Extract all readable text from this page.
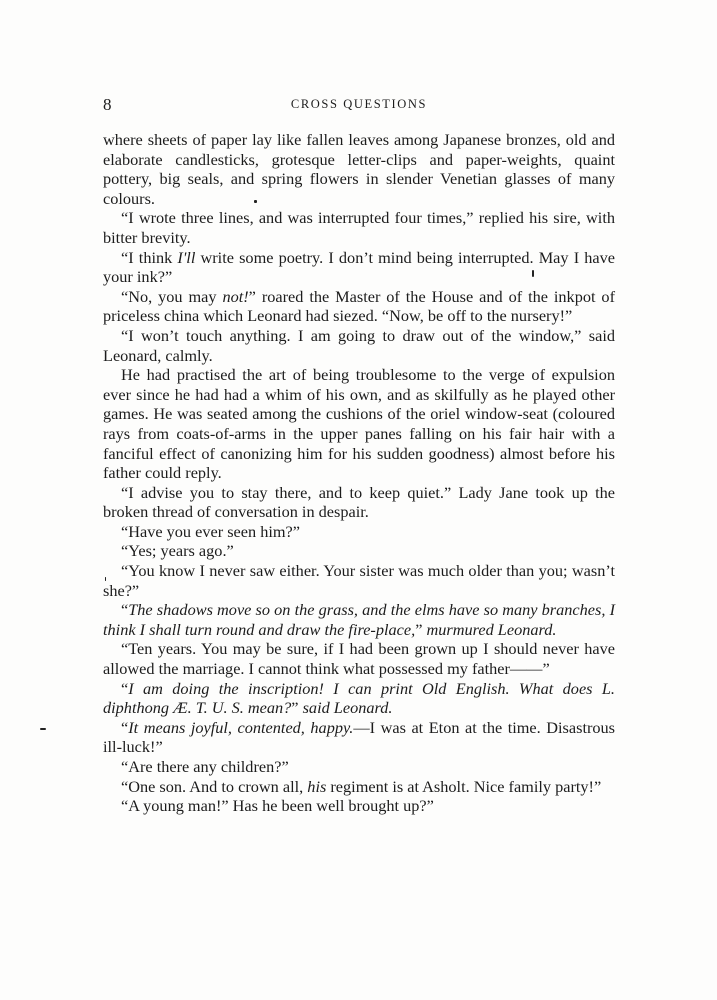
8	CROSS QUESTIONS

where sheets of paper lay like fallen leaves among Japanese bronzes, old and elaborate candlesticks, grotesque letter-clips and paper-weights, quaint pottery, big seals, and spring flowers in slender Venetian glasses of many colours.

“I wrote three lines, and was interrupted four times,” replied his sire, with bitter brevity.

“I think I'll write some poetry. I don’t mind being interrupted. May I have your ink?”

“No, you may not!” roared the Master of the House and of the inkpot of priceless china which Leonard had siezed. “Now, be off to the nursery!”

“I won’t touch anything. I am going to draw out of the window,” said Leonard, calmly.

He had practised the art of being troublesome to the verge of expulsion ever since he had had a whim of his own, and as skilfully as he played other games. He was seated among the cushions of the oriel window-seat (coloured rays from coats-of-arms in the upper panes falling on his fair hair with a fanciful effect of canonizing him for his sudden goodness) almost before his father could reply.

“I advise you to stay there, and to keep quiet.” Lady Jane took up the broken thread of conversation in despair.

“Have you ever seen him?”

“Yes; years ago.”

“You know I never saw either. Your sister was much older than you; wasn’t she?”

“The shadows move so on the grass, and the elms have so many branches, I think I shall turn round and draw the fire-place,” murmured Leonard.

“Ten years. You may be sure, if I had been grown up I should never have allowed the marriage. I cannot think what possessed my father——”

“I am doing the inscription! I can print Old English. What does L. diphthong Æ. T. U. S. mean?” said Leonard.

“It means joyful, contented, happy.—I was at Eton at the time. Disastrous ill-luck!”

“Are there any children?”

“One son. And to crown all, his regiment is at Asholt. Nice family party!”

“A young man!” Has he been well brought up?”
